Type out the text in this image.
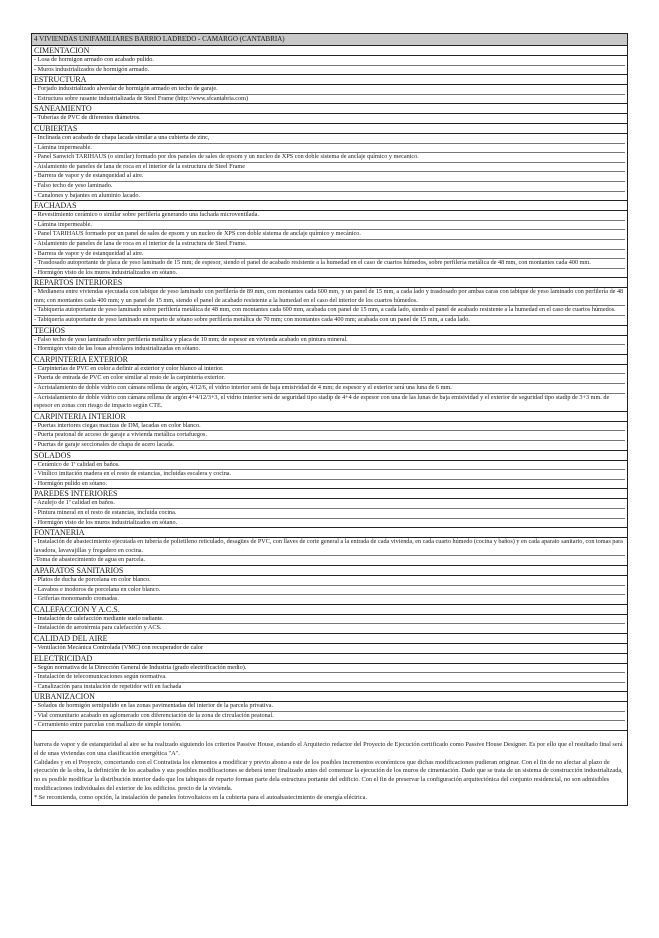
4 VIVIENDAS UNIFAMILIARES BARRIO LADREDO - CAMARGO (CANTABRIA)
CIMENTACION

- Losa de hormigon armado con acabado pulido.
- Muros industrializados de hormigón armado.

ESTRUCTURA

- Forjado industrializado alveolar de hormigón armado en techo de garaje.
- Estructura sobre rasante industrializada de Steel Frame (http://www.sfcantabria.com)

SANEAMIENTO

- Tuberías de PVC de diferentes diámetros.

CUBIERTAS

- Inclinada con acabado de chapa lacada similar a una cubierta de zinc,
- Lámina impermeable.
- Panel Sanwich TARIHAUS (o similar) formado por dos paneles de sales de epsom y un nucleo de XPS con doble sistema de anclaje químico y mecanico.
- Aislamiento de paneles de lana de roca en el interior de la estructura de Steel Frame
- Barrera de vapor y de estanqueidad al aire.
- Falso techo de yeso laminado.
- Canalones y bajantes en aluminio lacado.

FACHADAS

- Revestimiento cerámico o similar sobre perfilería generando una fachada microventilada.
- Lámina impermeable.
- Panel TARIHAUS formado por un panel de sales de epsom y un nucleo de XPS con doble sistema de anclaje químico y mecánico.
- Aislamiento de paneles de lana de roca en el interior de la estructura de Steel Frame.
- Barrera de vapor y de estanqueidad al aire.
- Trasdosado autoportante de placa de yeso laminado de 15 mm; de espesor, siendo el panel de acabado resistente a la humedad en el caso de cuartos húmedos, sobre perfilería metálica de 48 mm, con montantes cada 400 mm.
- Hormigón visto de los muros industrializados en sótano.

REPARTOS INTERIORES

- Medianera entre viviendas ejecutada con tabique de yeso laminado con perfilería de 89 mm, con montantes cada 600 mm, y un panel de 15 mm, a cada lado y trasdosado por ambas caras con tabique de yeso laminado con perfilería de 48 mm; con montantes cada 400 mm; y un panel de 15 mm, siendo el panel de acabado resistente a la humedad en el caso del interior de los cuartos húmedos.
- Tabiquería autoportante de yeso laminado sobre perfilería metálica de 48 mm, con montantes cada 600 mm, acabada con panel de 15 mm, a cada lado, siendo el panel de acabado resistente a la humedad en el caso de cuartos húmedos.
- Tabiquería autoportante de yeso laminado en reparto de sótano sobre perfilería metálica de 70 mm; con montantes cada 400 mm; acabada con un panel de 15 mm, a cada lado.

TECHOS

- Falso techo de yeso laminado sobre perfilería metálica y placa de 10 mm; de espesor en vivienda acabado en pintura mineral.
- Hormigón visto de las losas alveolares industrializadas en sótano.

CARPINTERIA EXTERIOR

- Carpinterías de PVC en color a definir al exterior y color blanco al interior.
- Puerta de entrada de PVC en color similar al resto de la carpintería exterior.
- Acristalamiento de doble vidrio con cámara rellena de argón, 4/12/6, el vidrio interior será de baja emisividad de 4 mm; de espesor y el exterior será una luna de 6 mm.
- Acristalamiento de doble vidrio con cámara rellena de argón 4+4/12/3+3, el vidrio interior será de seguridad tipo stadip de 4+4 de espesor con una de las lunas de baja emisividad y el exterior de seguridad tipo stadip de 3+3 mm. de espesor en zonas con riesgo de impacto según CTE.

CARPINTERIA INTERIOR

- Puertas interiores ciegas macizas de DM, lacadas en color blanco.
- Puerta peatonal de acceso de garaje a vivienda metálica cortafuegos.
- Puertas de garaje seccionales de chapa de acero lacada.

SOLADOS

- Cerámico de 1ª calidad en baños.
- Vinílico imitación madera en el resto de estancias, incluidas escalera y cocina.
- Hormigón pulido en sótano.

PAREDES INTERIORES

- Azulejo de 1ª calidad en baños.
- Pintura mineral en el resto de estancias, incluida cocina.
- Hormigón visto de los muros industrializados en sótano.

FONTANERIA

- Instalación de abastecimiento ejecutada en tubería de polietileno reticulado, desagües de PVC, con llaves de corte general a la entrada de cada vivienda, en cada cuarto húmedo (cocina y baños) y en cada aparato sanitario, con tomas para lavadora, lavavajillas y fregadero en cocina.
-Toma de abastecimiento de agua en parcela.

APARATOS SANITARIOS

- Platos de ducha de porcelana en color blanco.
- Lavabos e inodoros de porcelana en color blanco.
- Griferías monomando cromadas.

CALEFACCION Y A.C.S.

- Instalación de calefacción mediante suelo radiante.
- Instalación de aerotérmia para calefacción y ACS.

CALIDAD DEL AIRE

- Ventilación Mecánica Controlada (VMC) con recuperador de calor

ELECTRICIDAD

- Según normativa de la Dirección General de Industria (grado electrificación medio).
- Instalación de telecomunicaciones según normativa.
- Canalización para instalación de repetidor wifi en fachada

URBANIZACION

- Solados de hormigón semipulido en las zonas pavimentadas del interior de la parcela privativa.
- Vial comunitario acabado en aglomerado con diferenciación de la zona de circulación peatonal.
- Cerramiento entre parcelas con mallazo de simple torsión.

barrera de vapor y de estanqueidad al aire se ha realizado siguiendo los criterios Passive House, estando el Arquitecto redactor del Proyecto de Ejecución certificado como Passive House Designer. Es por ello que el resultado final será el de unas viviendas con una clasificación energética "A".

Calidades y en el Proyecto, concertando con el Contratista los elementos a modificar y previo abono a este de los posibles incrementos económicos que dichas modificaciones pudieran originar. Con el fin de no afectar al plazo de ejecución de la obra, la definición de los acabados y sus posibles modificaciones se deberá tener finalizado antes del comenzar la ejecución de los muros de cimentación. Dado que se trata de un sistema de construcción industrializada, no es posible modificar la distribución interior dado que los tabiques de reparto forman parte dela estructura portante del edificio. Con el fin de preservar la configuración arquitectónica del conjunto residencial, no son admisibles modificaciones individuales del exterior de los edificios. precio de la vivienda.

* Se recomienda, como opción, la instalación de paneles fotovoltaicos en la cubierta para el autoabastecimiento de energía eléctrica.
